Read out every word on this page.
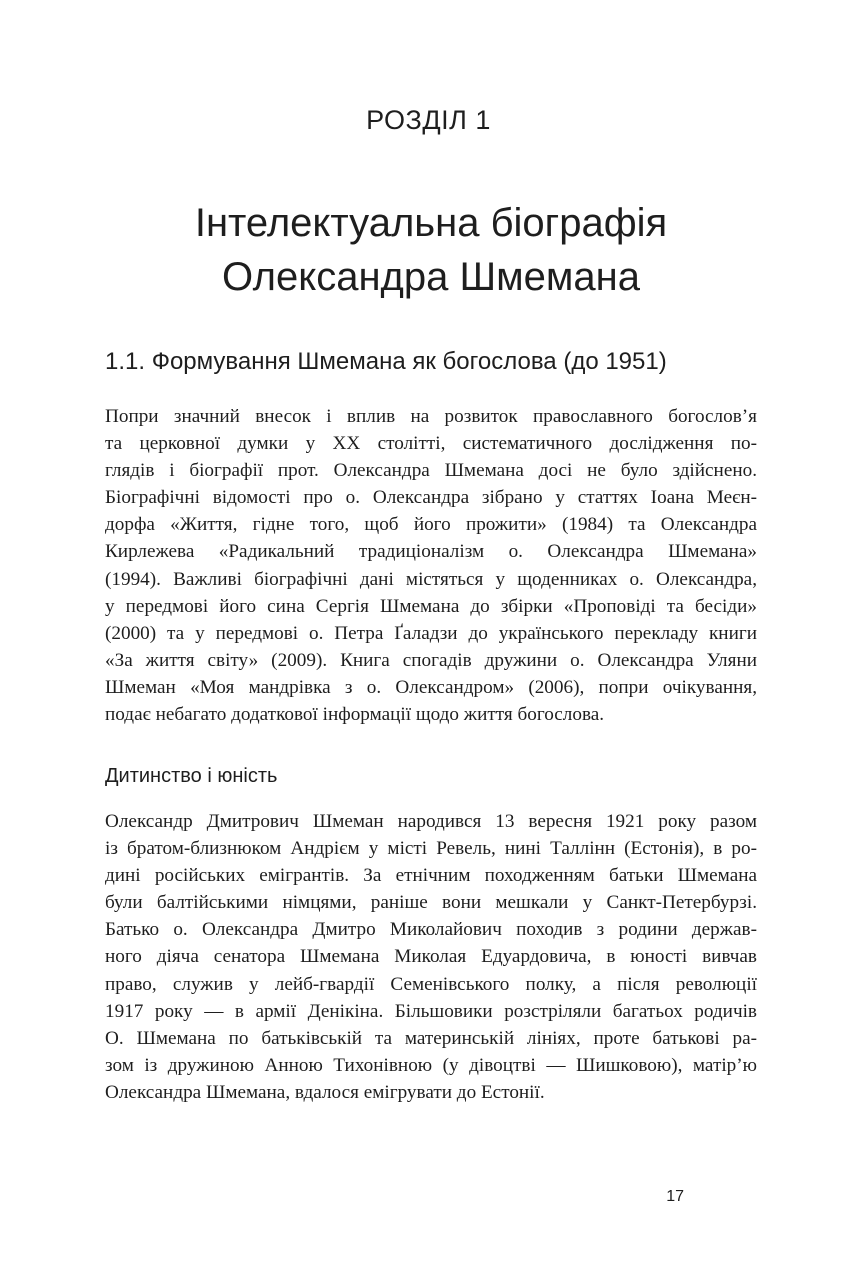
РОЗДІЛ 1
Інтелектуальна біографія
Олександра Шмемана
1.1. Формування Шмемана як богослова (до 1951)

Попри значний внесок і вплив на розвиток православного богослов’я
та церковної думки у ХХ столітті, систематичного дослідження по-
глядів і біографії прот. Олександра Шмемана досі не було здійснено.
Біографічні відомості про о. Олександра зібрано у статтях Іоана Меєн-
дорфа «Життя, гідне того, щоб його прожити» (1984) та Олександра
Кирлежева «Радикальний традиціоналізм о. Олександра Шмемана»
(1994). Важливі біографічні дані містяться у щоденниках о. Олександра,
у передмові його сина Сергія Шмемана до збірки «Проповіді та бесіди»
(2000) та у передмові о. Петра Ґаладзи до українського перекладу книги
«За життя світу» (2009). Книга спогадів дружини о. Олександра Уляни
Шмеман «Моя мандрівка з о. Олександром» (2006), попри очікування,
подає небагато додаткової інформації щодо життя богослова.

Дитинство і юність

Олександр Дмитрович Шмеман народився 13 вересня 1921 року разом
із братом-близнюком Андрієм у місті Ревель, нині Таллінн (Естонія), в ро-
дині російських емігрантів. За етнічним походженням батьки Шмемана
були балтійськими німцями, раніше вони мешкали у Санкт-Петербурзі.
Батько о. Олександра Дмитро Миколайович походив з родини держав-
ного діяча сенатора Шмемана Миколая Едуардовича, в юності вивчав
право, служив у лейб-гвардії Семенівського полку, а після революції
1917 року — в армії Денікіна. Більшовики розстріляли багатьох родичів
О. Шмемана по батьківській та материнській лініях, проте батькові ра-
зом із дружиною Анною Тихонівною (у дівоцтві — Шишковою), матір’ю
Олександра Шмемана, вдалося емігрувати до Естонії.

17
